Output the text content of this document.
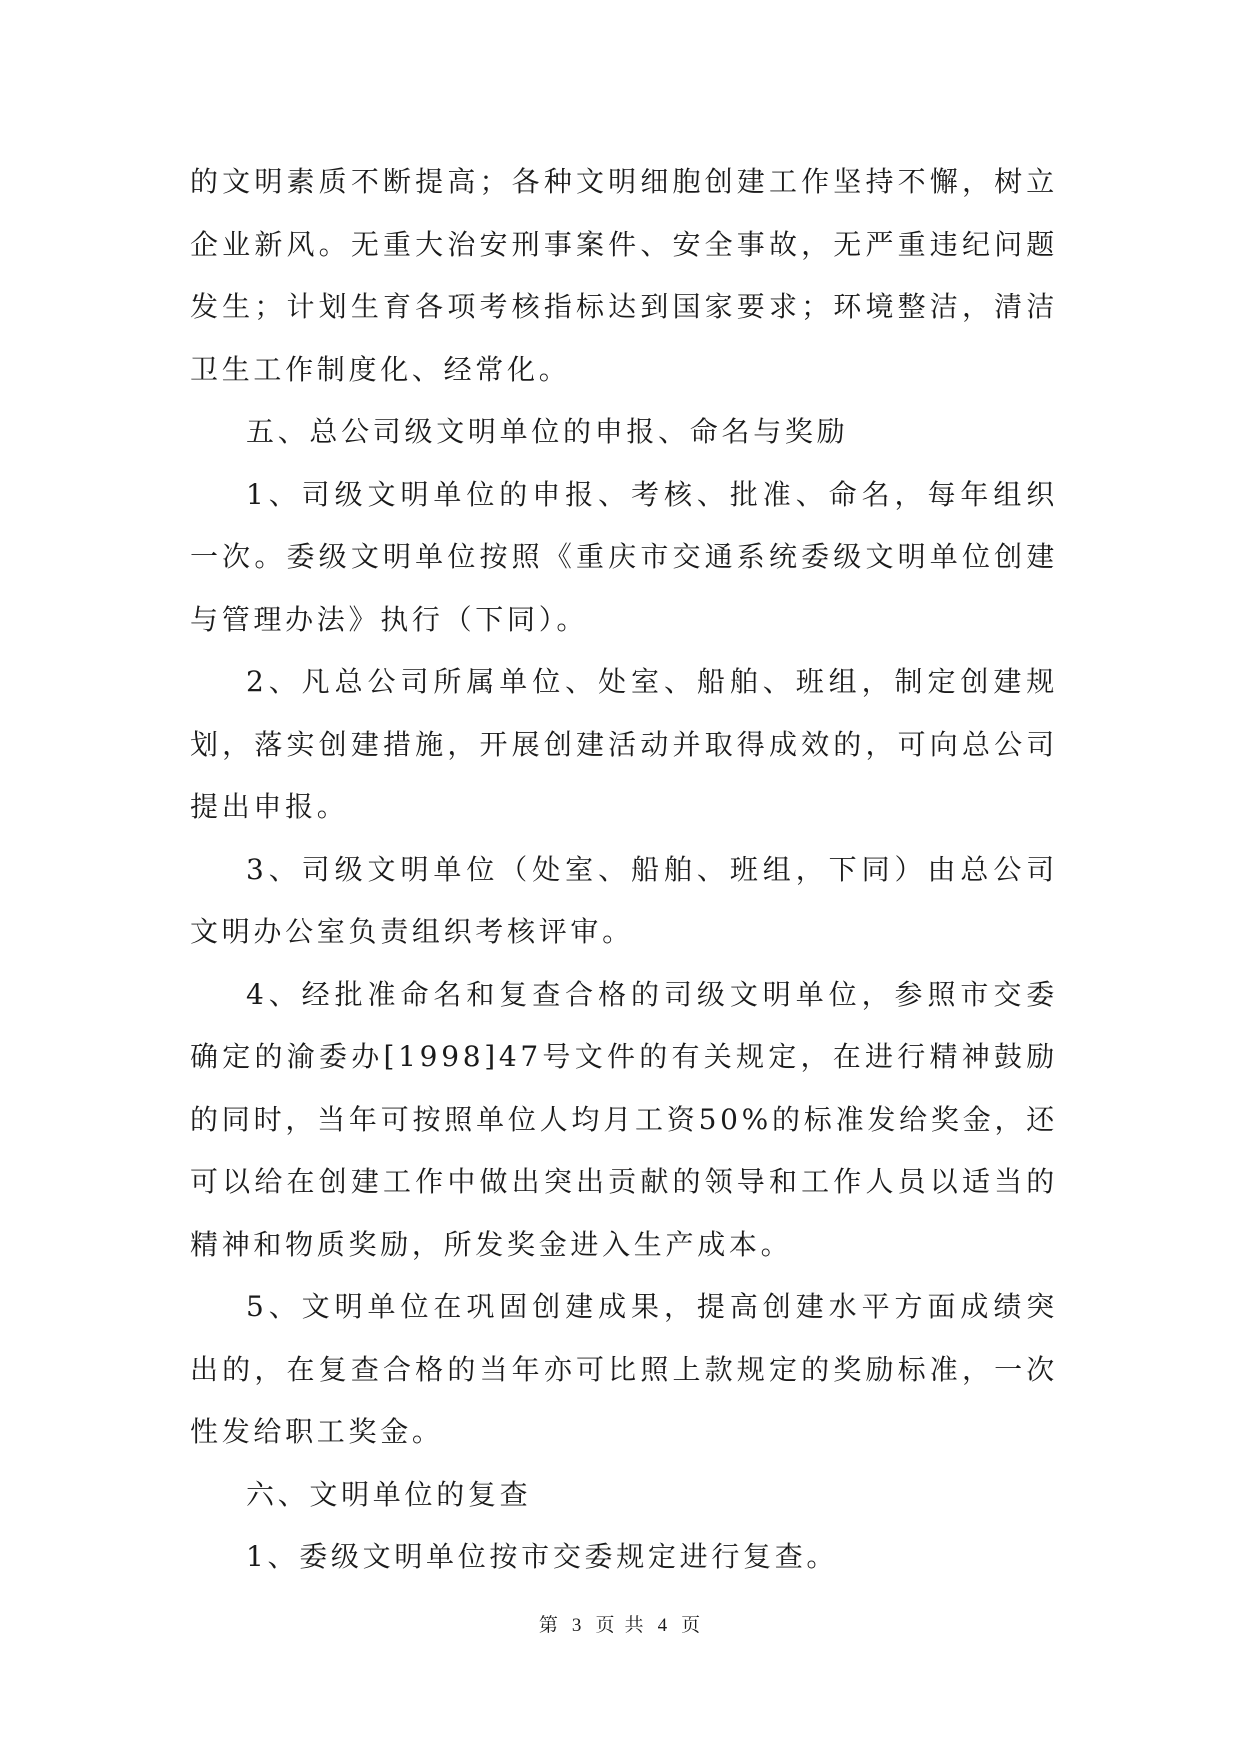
的文明素质不断提高；各种文明细胞创建工作坚持不懈，树立企业新风。无重大治安刑事案件、安全事故，无严重违纪问题发生；计划生育各项考核指标达到国家要求；环境整洁，清洁卫生工作制度化、经常化。

五、总公司级文明单位的申报、命名与奖励

1、司级文明单位的申报、考核、批准、命名，每年组织一次。委级文明单位按照《重庆市交通系统委级文明单位创建与管理办法》执行（下同）。

2、凡总公司所属单位、处室、船舶、班组，制定创建规划，落实创建措施，开展创建活动并取得成效的，可向总公司提出申报。

3、司级文明单位（处室、船舶、班组，下同）由总公司文明办公室负责组织考核评审。

4、经批准命名和复查合格的司级文明单位，参照市交委确定的渝委办[1998]47号文件的有关规定，在进行精神鼓励的同时，当年可按照单位人均月工资50%的标准发给奖金，还可以给在创建工作中做出突出贡献的领导和工作人员以适当的精神和物质奖励，所发奖金进入生产成本。

5、文明单位在巩固创建成果，提高创建水平方面成绩突出的，在复查合格的当年亦可比照上款规定的奖励标准，一次性发给职工奖金。

六、文明单位的复查

1、委级文明单位按市交委规定进行复查。

第 3 页 共 4 页
